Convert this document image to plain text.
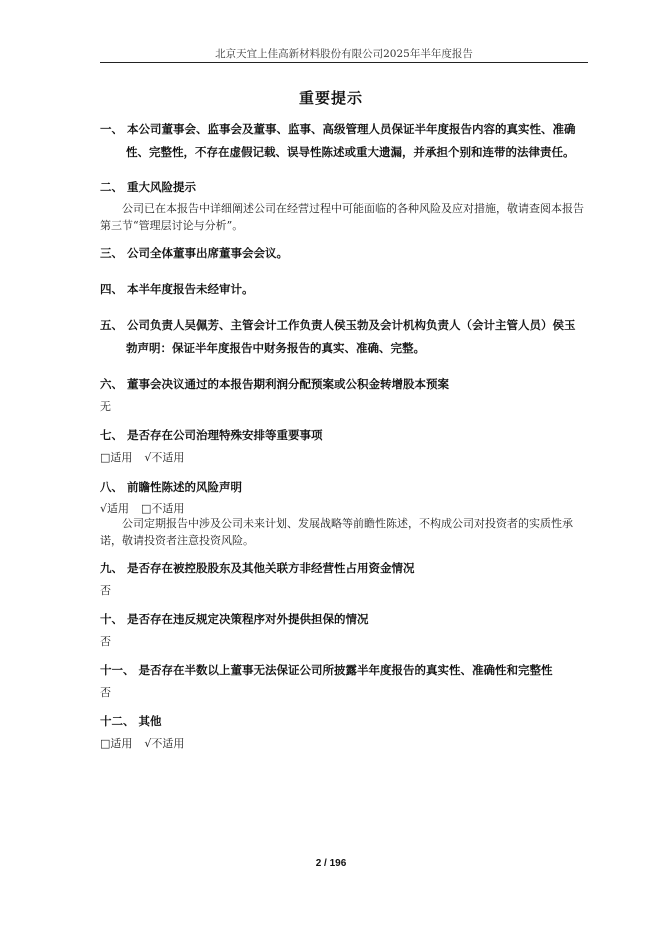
北京天宜上佳高新材料股份有限公司2025年半年度报告
重要提示
一、 本公司董事会、监事会及董事、监事、高级管理人员保证半年度报告内容的真实性、准确
性、完整性，不存在虚假记载、误导性陈述或重大遗漏，并承担个别和连带的法律责任。
二、 重大风险提示

公司已在本报告中详细阐述公司在经营过程中可能面临的各种风险及应对措施，敬请查阅本报告第三节“管理层讨论与分析”。

三、 公司全体董事出席董事会会议。
四、 本半年度报告未经审计。
五、 公司负责人吴佩芳、主管会计工作负责人侯玉勃及会计机构负责人（会计主管人员）侯玉
勃声明：保证半年度报告中财务报告的真实、准确、完整。
六、 董事会决议通过的本报告期利润分配预案或公积金转增股本预案

无

七、 是否存在公司治理特殊安排等重要事项
□适用 √不适用
八、 前瞻性陈述的风险声明
√适用 □不适用

公司定期报告中涉及公司未来计划、发展战略等前瞻性陈述，不构成公司对投资者的实质性承诺，敬请投资者注意投资风险。

九、 是否存在被控股股东及其他关联方非经营性占用资金情况

否

十、 是否存在违反规定决策程序对外提供担保的情况

否

十一、 是否存在半数以上董事无法保证公司所披露半年度报告的真实性、准确性和完整性

否

十二、 其他
□适用 √不适用
2 / 196
